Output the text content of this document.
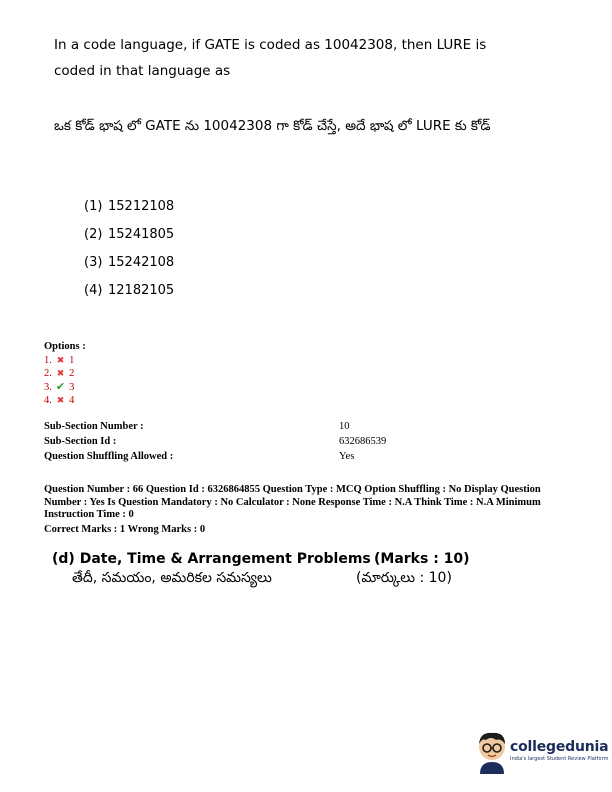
In a code language, if GATE is coded as 10042308, then LURE is coded in that language as
ఒక కోడ్ భాష లో GATE ను 10042308 గా కోడ్ చేస్తే, అదే భాష లో LURE కు కోడ్
(1) 15212108
(2) 15241805
(3) 15242108
(4) 12182105
Options :
1. ✖ 1
2. ✖ 2
3. ✔ 3
4. ✖ 4
Sub-Section Number :	10
Sub-Section Id :	632686539
Question Shuffling Allowed :	Yes
Question Number : 66 Question Id : 6326864855 Question Type : MCQ Option Shuffling : No Display Question Number : Yes Is Question Mandatory : No Calculator : None Response Time : N.A Think Time : N.A Minimum Instruction Time : 0
Correct Marks : 1 Wrong Marks : 0
(d) Date, Time & Arrangement Problems (Marks : 10)
తేదీ, సమయం, అమరికల సమస్యలు	(మార్కులు : 10)
collegedunia
India's largest Student Review Platform
